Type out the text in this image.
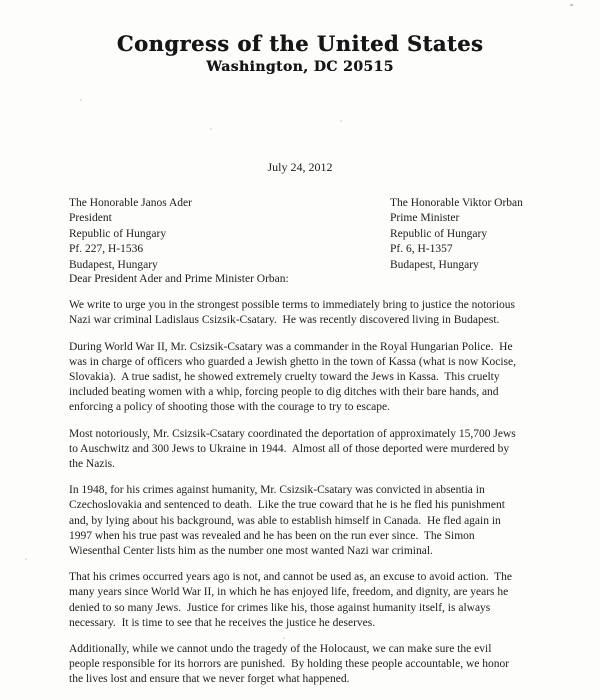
Congress of the United States
Washington, DC 20515
July 24, 2012
The Honorable Janos Ader
President
Republic of Hungary
Pf. 227, H-1536
Budapest, Hungary
The Honorable Viktor Orban
Prime Minister
Republic of Hungary
Pf. 6, H-1357
Budapest, Hungary
Dear President Ader and Prime Minister Orban:
We write to urge you in the strongest possible terms to immediately bring to justice the notorious
Nazi war criminal Ladislaus Csizsik-Csatary.  He was recently discovered living in Budapest.
During World War II, Mr. Csizsik-Csatary was a commander in the Royal Hungarian Police.  He
was in charge of officers who guarded a Jewish ghetto in the town of Kassa (what is now Kocise,
Slovakia).  A true sadist, he showed extremely cruelty toward the Jews in Kassa.  This cruelty
included beating women with a whip, forcing people to dig ditches with their bare hands, and
enforcing a policy of shooting those with the courage to try to escape.
Most notoriously, Mr. Csizsik-Csatary coordinated the deportation of approximately 15,700 Jews
to Auschwitz and 300 Jews to Ukraine in 1944.  Almost all of those deported were murdered by
the Nazis.
In 1948, for his crimes against humanity, Mr. Csizsik-Csatary was convicted in absentia in
Czechoslovakia and sentenced to death.  Like the true coward that he is he fled his punishment
and, by lying about his background, was able to establish himself in Canada.  He fled again in
1997 when his true past was revealed and he has been on the run ever since.  The Simon
Wiesenthal Center lists him as the number one most wanted Nazi war criminal.
That his crimes occurred years ago is not, and cannot be used as, an excuse to avoid action.  The
many years since World War II, in which he has enjoyed life, freedom, and dignity, are years he
denied to so many Jews.  Justice for crimes like his, those against humanity itself, is always
necessary.  It is time to see that he receives the justice he deserves.
Additionally, while we cannot undo the tragedy of the Holocaust, we can make sure the evil
people responsible for its horrors are punished.  By holding these people accountable, we honor
the lives lost and ensure that we never forget what happened.
